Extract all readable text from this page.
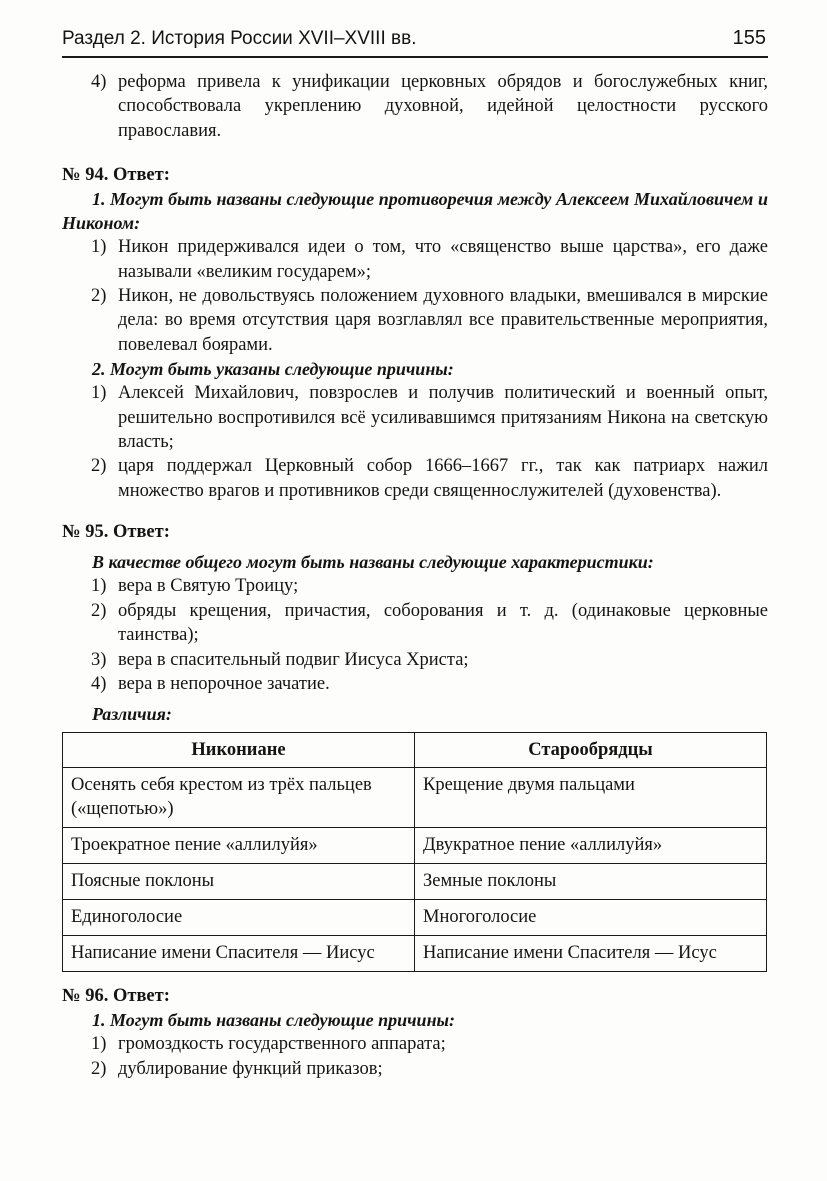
Раздел 2. История России XVII–XVIII вв.	155
4) реформа привела к унификации церковных обрядов и богослужебных книг, способствовала укреплению духовной, идейной целостности русского православия.
№ 94. Ответ:
1. Могут быть названы следующие противоречия между Алексеем Михайловичем и Никоном:
1) Никон придерживался идеи о том, что «священство выше царства», его даже называли «великим государем»;
2) Никон, не довольствуясь положением духовного владыки, вмешивался в мирские дела: во время отсутствия царя возглавлял все правительственные мероприятия, повелевал боярами.
2. Могут быть указаны следующие причины:
1) Алексей Михайлович, повзрослев и получив политический и военный опыт, решительно воспротивился всё усиливавшимся притязаниям Никона на светскую власть;
2) царя поддержал Церковный собор 1666–1667 гг., так как патриарх нажил множество врагов и противников среди священнослужителей (духовенства).
№ 95. Ответ:
В качестве общего могут быть названы следующие характеристики:
1) вера в Святую Троицу;
2) обряды крещения, причастия, соборования и т. д. (одинаковые церковные таинства);
3) вера в спасительный подвиг Иисуса Христа;
4) вера в непорочное зачатие.
Различия:
Никониане	Старообрядцы
Осенять себя крестом из трёх пальцев («щепотью»)	Крещение двумя пальцами
Троекратное пение «аллилуйя»	Двукратное пение «аллилуйя»
Поясные поклоны	Земные поклоны
Единоголосие	Многоголосие
Написание имени Спасителя — Иисус	Написание имени Спасителя — Исус
№ 96. Ответ:
1. Могут быть названы следующие причины:
1) громоздкость государственного аппарата;
2) дублирование функций приказов;
